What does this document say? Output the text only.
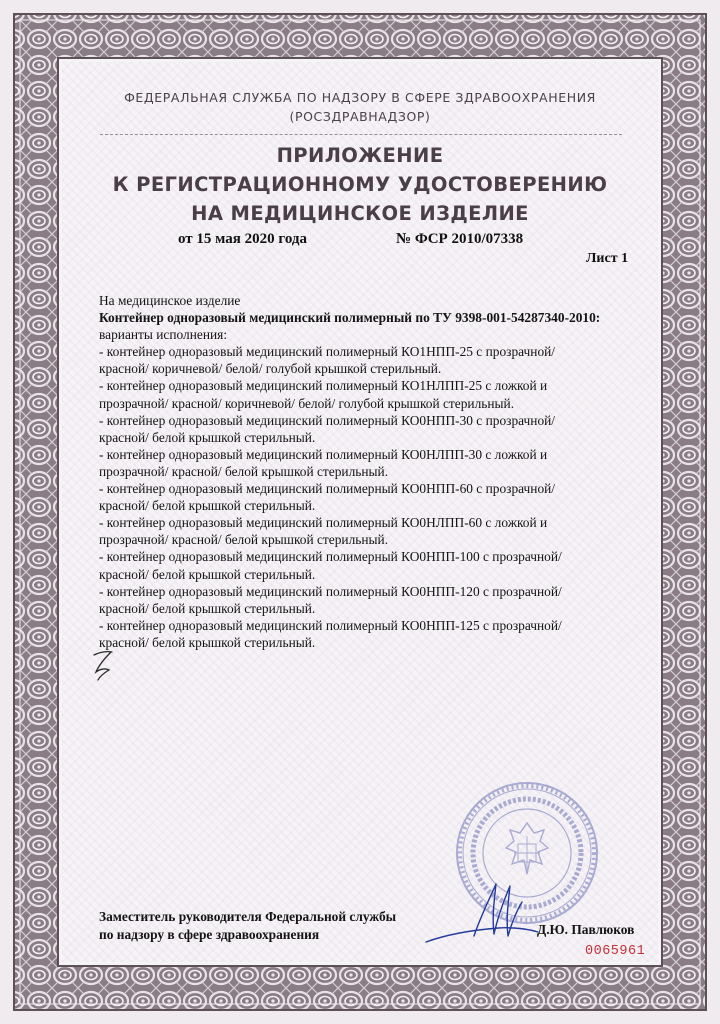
ФЕДЕРАЛЬНАЯ СЛУЖБА ПО НАДЗОРУ В СФЕРЕ ЗДРАВООХРАНЕНИЯ
(РОСЗДРАВНАДЗОР)
ПРИЛОЖЕНИЕ
К РЕГИСТРАЦИОННОМУ УДОСТОВЕРЕНИЮ
НА МЕДИЦИНСКОЕ ИЗДЕЛИЕ
от 15 мая 2020 года	№ ФСР 2010/07338
Лист 1
На медицинское изделие
Контейнер одноразовый медицинский полимерный по ТУ 9398-001-54287340-2010:
варианты исполнения:
- контейнер одноразовый медицинский полимерный КО1НПП-25 с прозрачной/
красной/ коричневой/ белой/ голубой крышкой стерильный.
- контейнер одноразовый медицинский полимерный КО1НЛПП-25 с ложкой и
прозрачной/ красной/ коричневой/ белой/ голубой крышкой стерильный.
- контейнер одноразовый медицинский полимерный КО0НПП-30 с прозрачной/
красной/ белой крышкой стерильный.
- контейнер одноразовый медицинский полимерный КО0НЛПП-30 с ложкой и
прозрачной/ красной/ белой крышкой стерильный.
- контейнер одноразовый медицинский полимерный КО0НПП-60 с прозрачной/
красной/ белой крышкой стерильный.
- контейнер одноразовый медицинский полимерный КО0НЛПП-60 с ложкой и
прозрачной/ красной/ белой крышкой стерильный.
- контейнер одноразовый медицинский полимерный КО0НПП-100 с прозрачной/
красной/ белой крышкой стерильный.
- контейнер одноразовый медицинский полимерный КО0НПП-120 с прозрачной/
красной/ белой крышкой стерильный.
- контейнер одноразовый медицинский полимерный КО0НПП-125 с прозрачной/
красной/ белой крышкой стерильный.
Заместитель руководителя Федеральной службы
по надзору в сфере здравоохранения	Д.Ю. Павлюков
0065961
